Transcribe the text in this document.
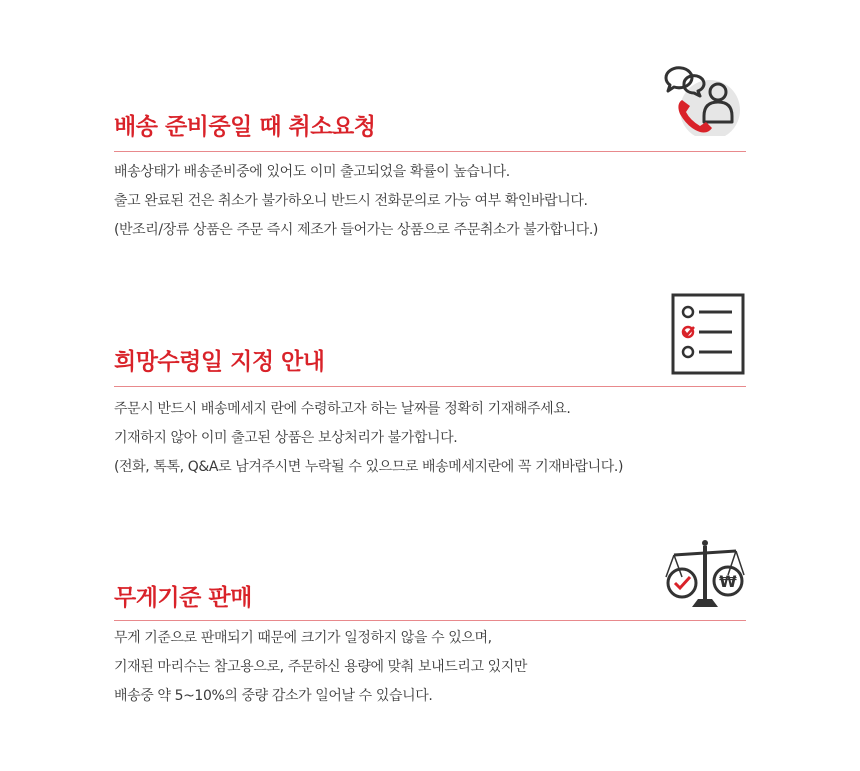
배송 준비중일 때 취소요청
배송상태가 배송준비중에 있어도 이미 출고되었을 확률이 높습니다.
출고 완료된 건은 취소가 불가하오니 반드시 전화문의로 가능 여부 확인바랍니다.
(반조리/장류 상품은 주문 즉시 제조가 들어가는 상품으로 주문취소가 불가합니다.)
희망수령일 지정 안내
주문시 반드시 배송메세지 란에 수령하고자 하는 날짜를 정확히 기재해주세요.
기재하지 않아 이미 출고된 상품은 보상처리가 불가합니다.
(전화, 톡톡, Q&A로 남겨주시면 누락될 수 있으므로 배송메세지란에 꼭 기재바랍니다.)
무게기준 판매
무게 기준으로 판매되기 때문에 크기가 일정하지 않을 수 있으며,
기재된 마리수는 참고용으로, 주문하신 용량에 맞춰 보내드리고 있지만
배송중 약 5~10%의 중량 감소가 일어날 수 있습니다.
₩
